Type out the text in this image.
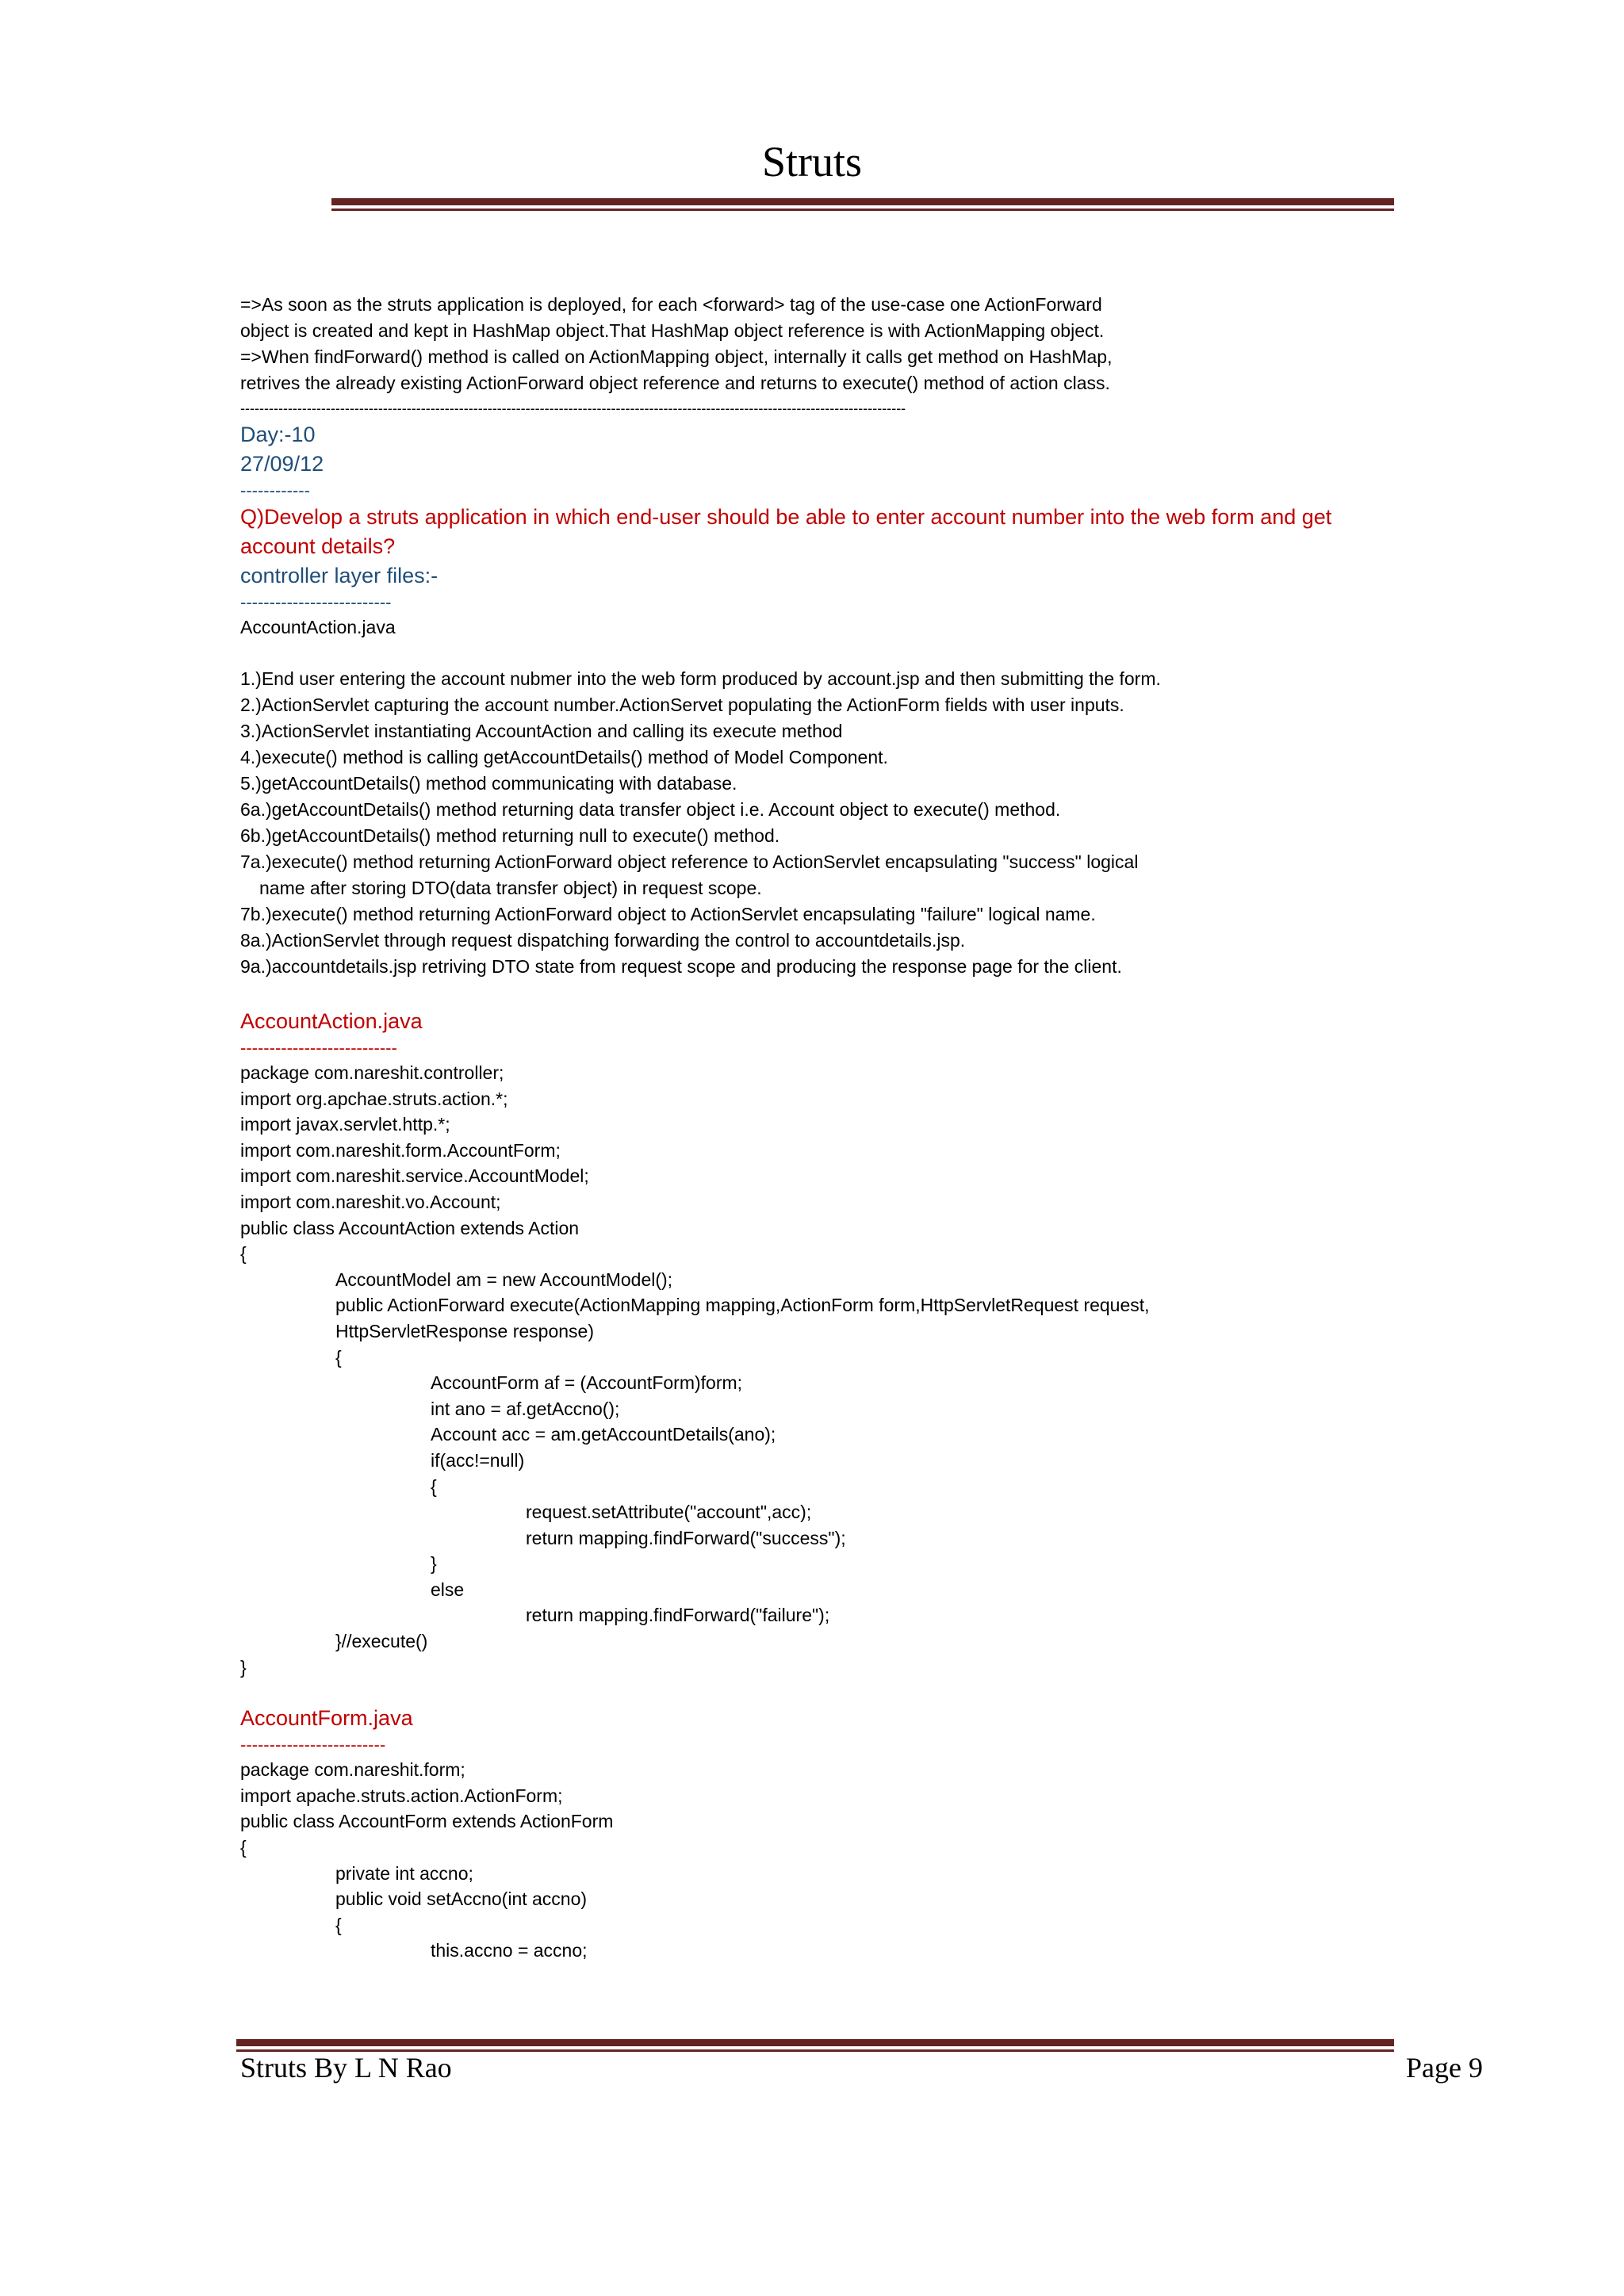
Struts
=>As soon as the struts application is deployed, for each <forward> tag of the use-case one ActionForward
object is created and kept in HashMap object.That HashMap object reference is with ActionMapping object.
=>When findForward() method is called on ActionMapping object, internally it calls get method on HashMap,
retrives the already existing ActionForward object reference and returns to execute() method of action class.
--------------------------------------------------------------------------------------------------------------------------------------------
Day:-10
27/09/12
------------
Q)Develop a struts application in which end-user should be able to enter account number into the web form and get
account details?
controller layer files:-
--------------------------
AccountAction.java
1.)End user entering the account nubmer into the web form produced by account.jsp and then submitting the form.
2.)ActionServlet capturing the account number.ActionServet populating the ActionForm fields with user inputs.
3.)ActionServlet instantiating AccountAction and calling its execute method
4.)execute() method is calling getAccountDetails() method of Model Component.
5.)getAccountDetails() method communicating with database.
6a.)getAccountDetails() method returning data transfer object i.e. Account object to execute() method.
6b.)getAccountDetails() method returning null to execute() method.
7a.)execute() method returning ActionForward object reference to ActionServlet encapsulating "success" logical
name after storing DTO(data transfer object) in request scope.
7b.)execute() method returning ActionForward object to ActionServlet encapsulating "failure" logical name.
8a.)ActionServlet through request dispatching forwarding the control to accountdetails.jsp.
9a.)accountdetails.jsp retriving DTO state from request scope and producing the response page for the client.
AccountAction.java
---------------------------
package com.nareshit.controller;
import org.apchae.struts.action.*;
import javax.servlet.http.*;
import com.nareshit.form.AccountForm;
import com.nareshit.service.AccountModel;
import com.nareshit.vo.Account;
public class AccountAction extends Action
{
AccountModel am = new AccountModel();
public ActionForward execute(ActionMapping mapping,ActionForm form,HttpServletRequest request,
HttpServletResponse response)
{
AccountForm af = (AccountForm)form;
int ano = af.getAccno();
Account acc = am.getAccountDetails(ano);
if(acc!=null)
{
request.setAttribute("account",acc);
return mapping.findForward("success");
}
else
return mapping.findForward("failure");
}//execute()
}
AccountForm.java
-------------------------
package com.nareshit.form;
import apache.struts.action.ActionForm;
public class AccountForm extends ActionForm
{
private int accno;
public void setAccno(int accno)
{
this.accno = accno;
Struts By L N Rao	Page 9
